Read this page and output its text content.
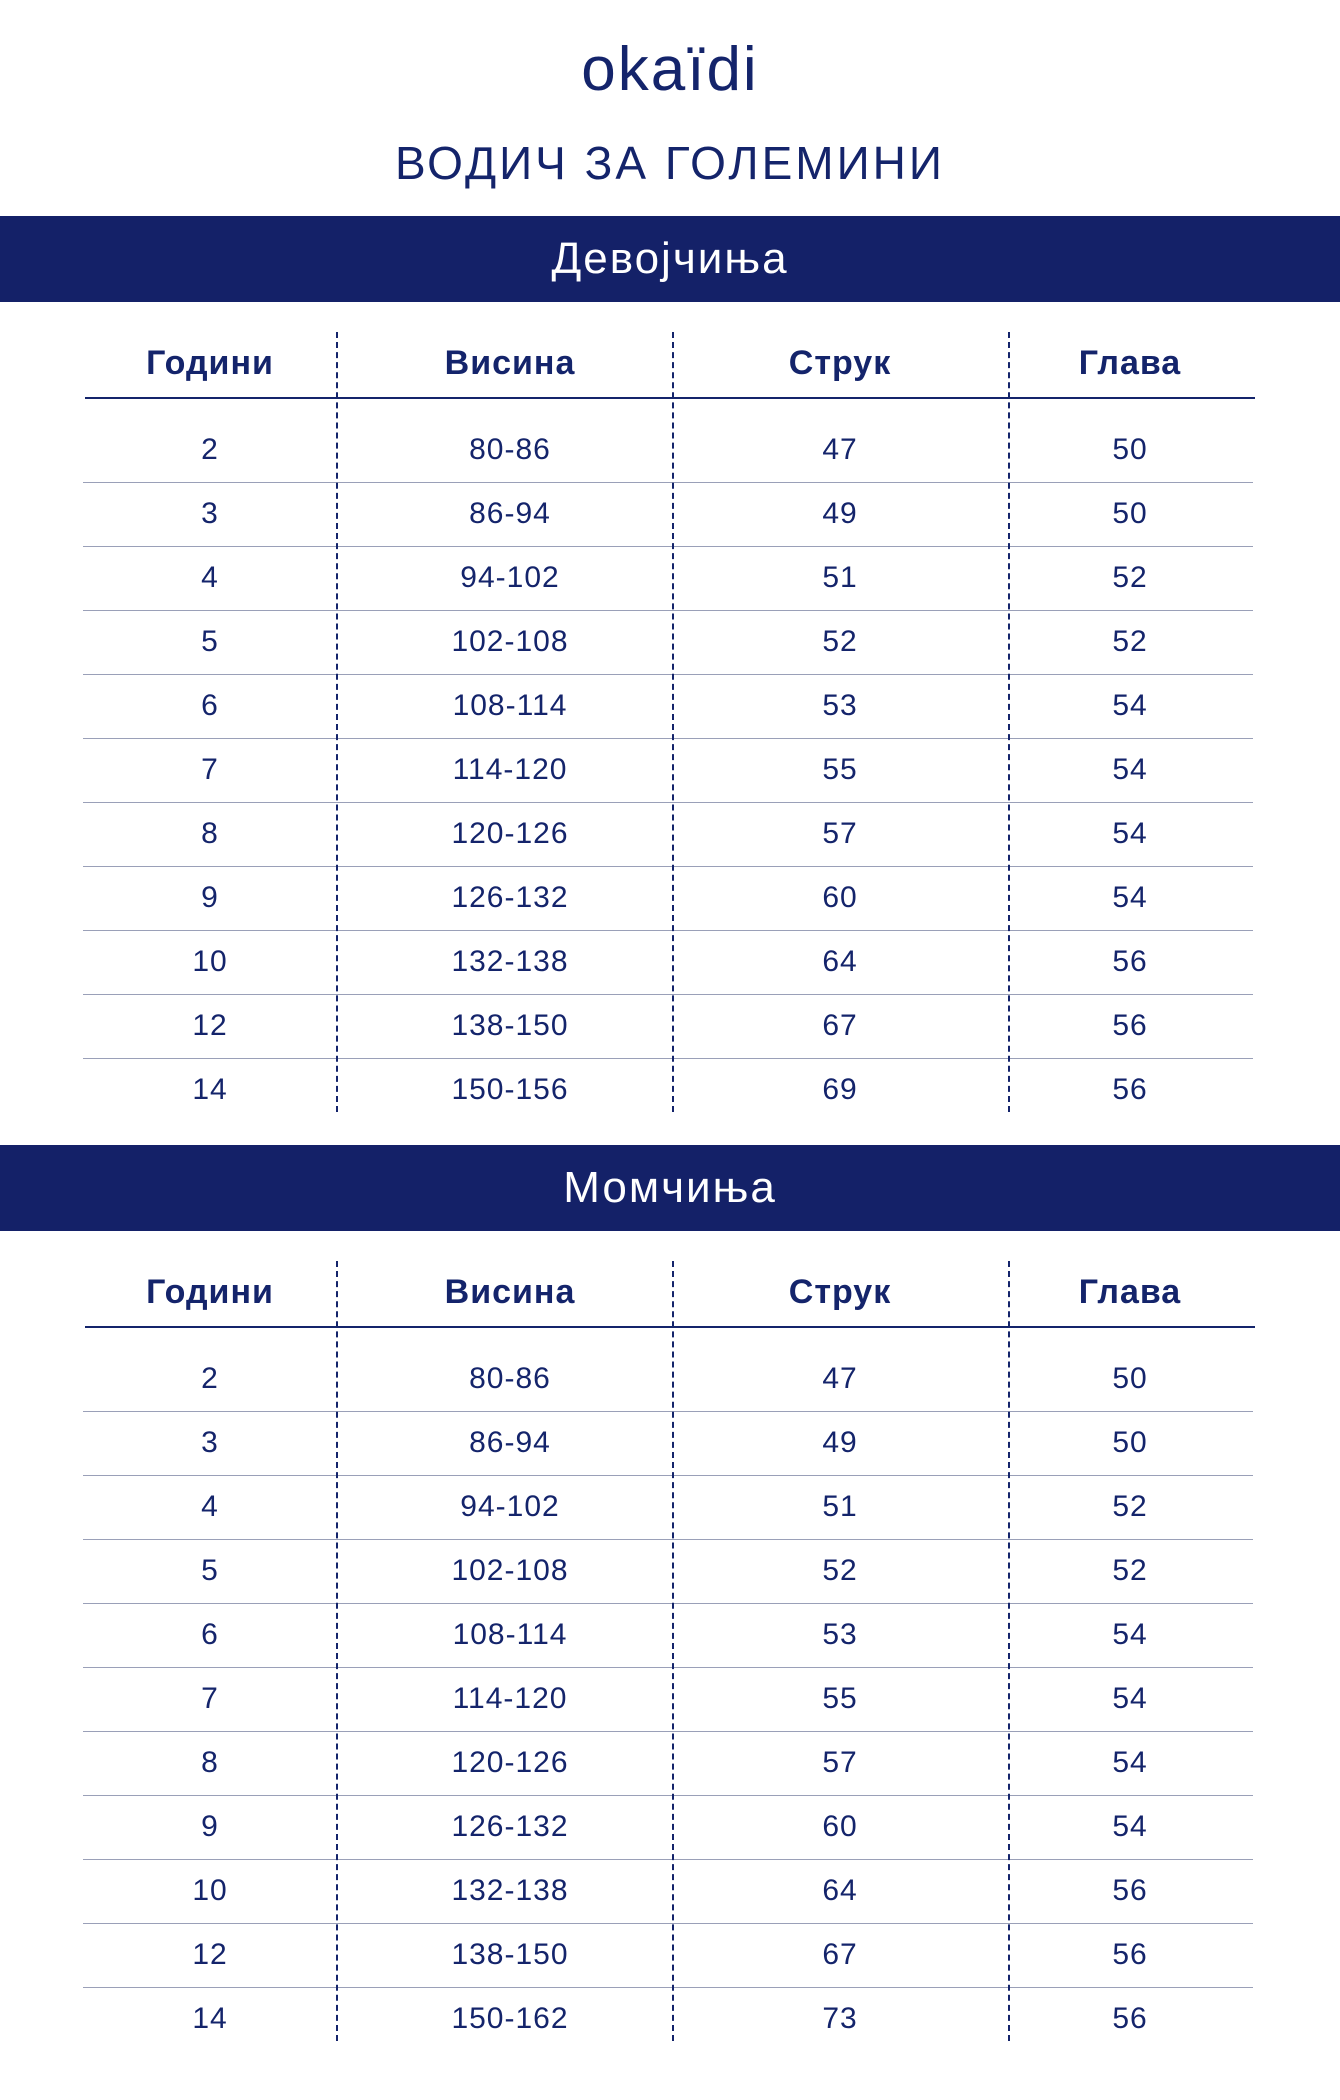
okaïdi
ВОДИЧ ЗА ГОЛЕМИНИ
Девојчиња
Години	Висина	Струк	Глава
2	80-86	47	50
3	86-94	49	50
4	94-102	51	52
5	102-108	52	52
6	108-114	53	54
7	114-120	55	54
8	120-126	57	54
9	126-132	60	54
10	132-138	64	56
12	138-150	67	56
14	150-156	69	56
Момчиња
Години	Висина	Струк	Глава
2	80-86	47	50
3	86-94	49	50
4	94-102	51	52
5	102-108	52	52
6	108-114	53	54
7	114-120	55	54
8	120-126	57	54
9	126-132	60	54
10	132-138	64	56
12	138-150	67	56
14	150-162	73	56
